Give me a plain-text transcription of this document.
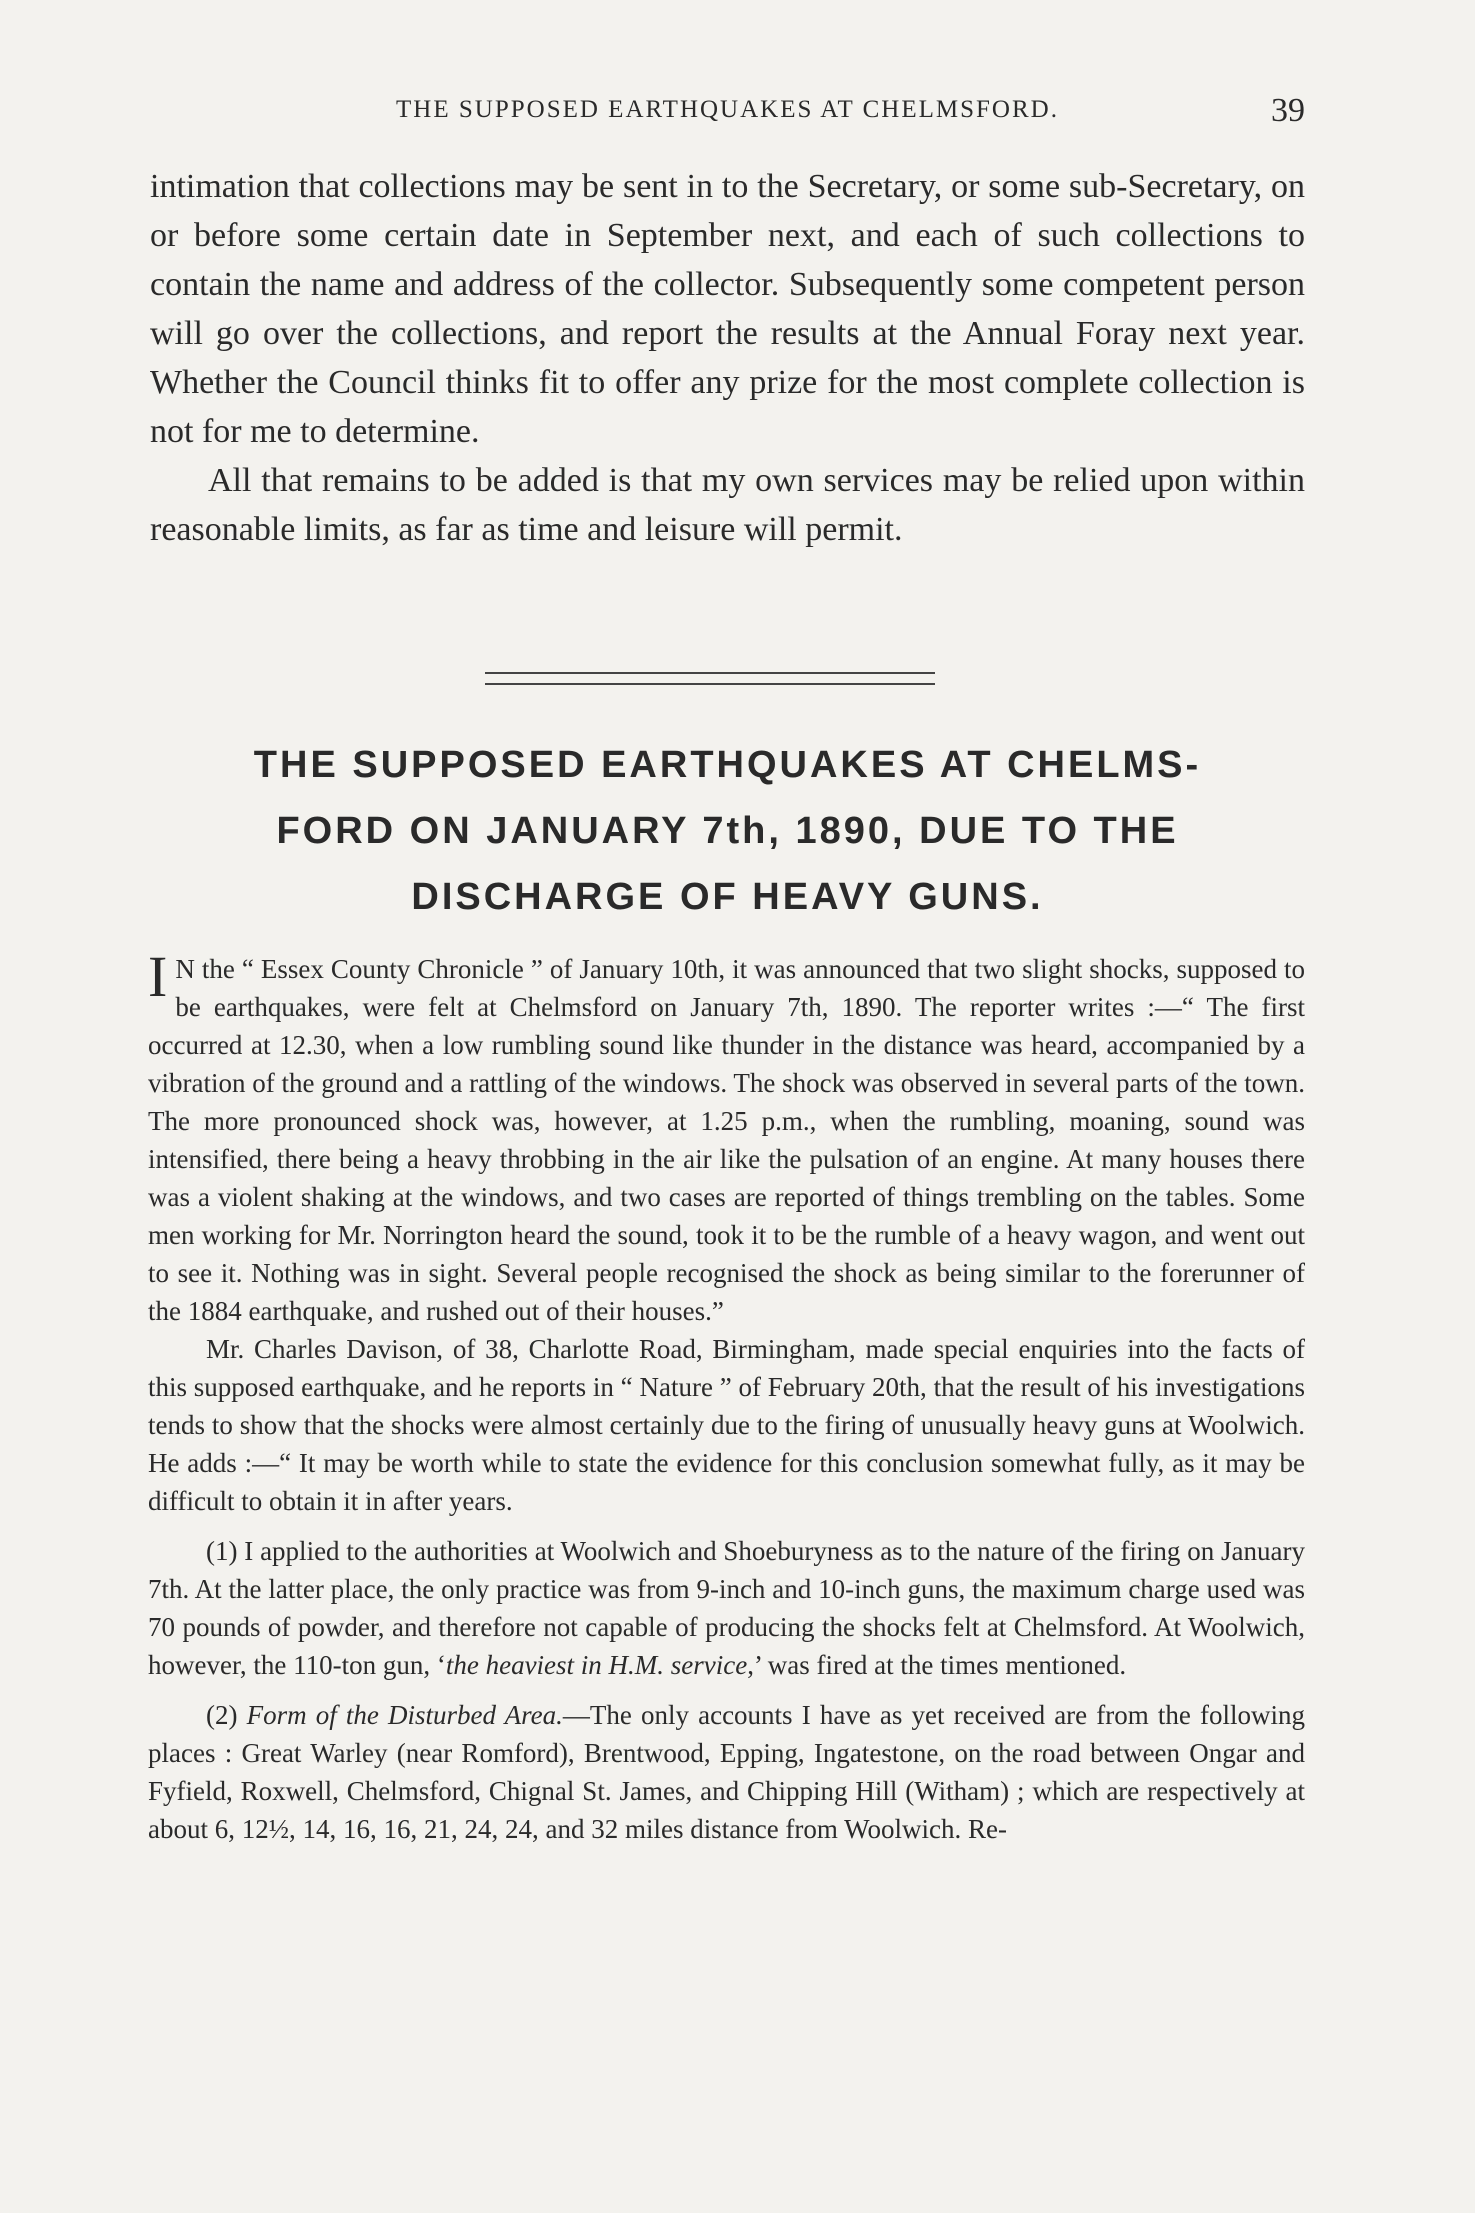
THE SUPPOSED EARTHQUAKES AT CHELMSFORD.	39

intimation that collections may be sent in to the Secretary, or some sub-Secretary, on or before some certain date in September next, and each of such collections to contain the name and address of the collector. Subsequently some competent person will go over the collections, and report the results at the Annual Foray next year. Whether the Council thinks fit to offer any prize for the most complete collection is not for me to determine.

All that remains to be added is that my own services may be relied upon within reasonable limits, as far as time and leisure will permit.

THE SUPPOSED EARTHQUAKES AT CHELMS-
FORD ON JANUARY 7th, 1890, DUE TO THE
DISCHARGE OF HEAVY GUNS.

I N the “ Essex County Chronicle ” of January 10th, it was announced that two slight shocks, supposed to be earthquakes, were felt at Chelmsford on January 7th, 1890. The reporter writes :—“ The first occurred at 12.30, when a low rumbling sound like thunder in the distance was heard, accompanied by a vibration of the ground and a rattling of the windows. The shock was observed in several parts of the town. The more pronounced shock was, however, at 1.25 p.m., when the rumbling, moaning, sound was intensified, there being a heavy throbbing in the air like the pulsation of an engine. At many houses there was a violent shaking at the windows, and two cases are reported of things trembling on the tables. Some men working for Mr. Norrington heard the sound, took it to be the rumble of a heavy wagon, and went out to see it. Nothing was in sight. Several people recognised the shock as being similar to the forerunner of the 1884 earthquake, and rushed out of their houses.”

Mr. Charles Davison, of 38, Charlotte Road, Birmingham, made special enquiries into the facts of this supposed earthquake, and he reports in “ Nature ” of February 20th, that the result of his investigations tends to show that the shocks were almost certainly due to the firing of unusually heavy guns at Woolwich. He adds :—“ It may be worth while to state the evidence for this conclusion somewhat fully, as it may be difficult to obtain it in after years.

(1) I applied to the authorities at Woolwich and Shoeburyness as to the nature of the firing on January 7th. At the latter place, the only practice was from 9-inch and 10-inch guns, the maximum charge used was 70 pounds of powder, and therefore not capable of producing the shocks felt at Chelmsford. At Woolwich, however, the 110-ton gun, ‘the heaviest in H.M. service,’ was fired at the times mentioned.

(2) Form of the Disturbed Area.—The only accounts I have as yet received are from the following places : Great Warley (near Romford), Brentwood, Epping, Ingatestone, on the road between Ongar and Fyfield, Roxwell, Chelmsford, Chignal St. James, and Chipping Hill (Witham) ; which are respectively at about 6, 12½, 14, 16, 16, 21, 24, 24, and 32 miles distance from Woolwich. Re-
